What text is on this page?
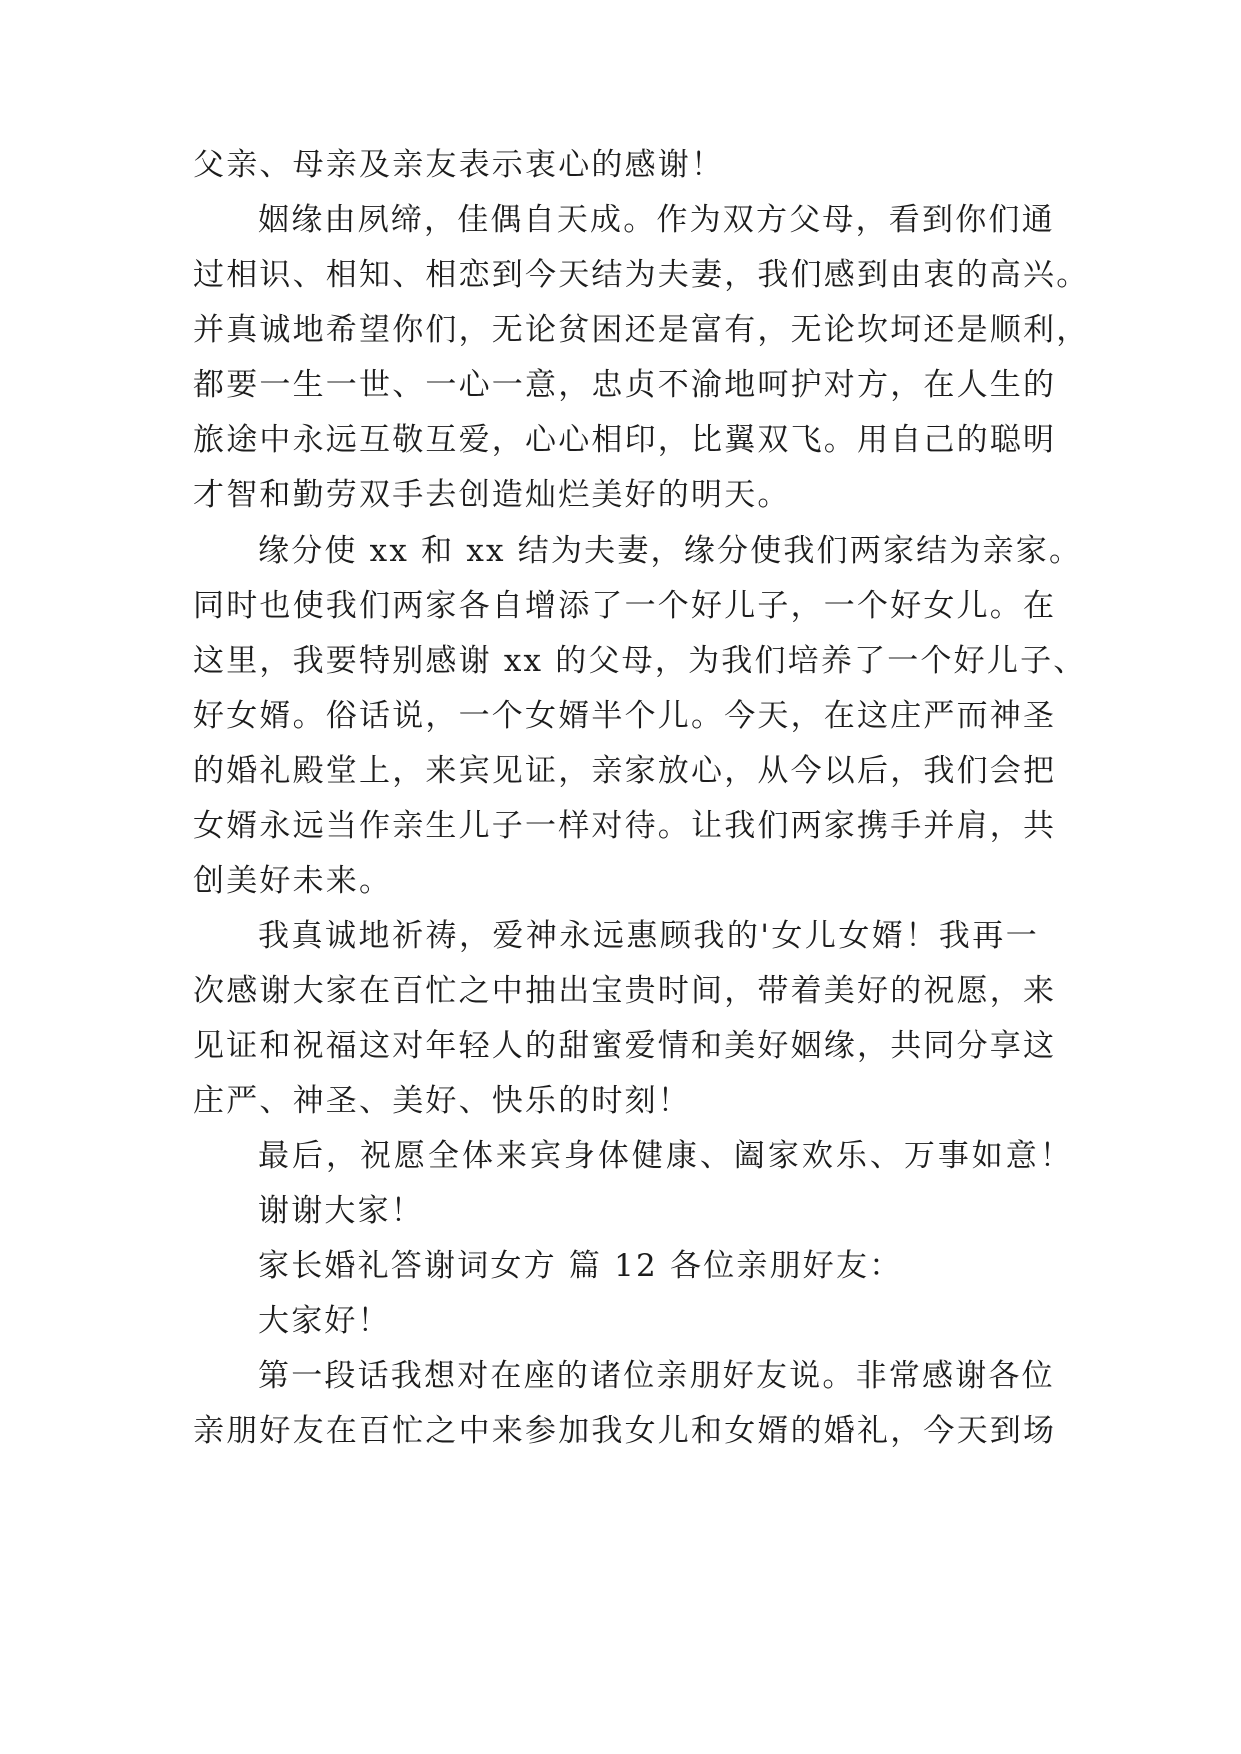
父亲、母亲及亲友表示衷心的感谢！
姻缘由夙缔，佳偶自天成。作为双方父母，看到你们通
过相识、相知、相恋到今天结为夫妻，我们感到由衷的高兴。
并真诚地希望你们，无论贫困还是富有，无论坎坷还是顺利，
都要一生一世、一心一意，忠贞不渝地呵护对方，在人生的
旅途中永远互敬互爱，心心相印，比翼双飞。用自己的聪明
才智和勤劳双手去创造灿烂美好的明天。
缘分使 xx 和 xx 结为夫妻，缘分使我们两家结为亲家。
同时也使我们两家各自增添了一个好儿子，一个好女儿。在
这里，我要特别感谢 xx 的父母，为我们培养了一个好儿子、
好女婿。俗话说，一个女婿半个儿。今天，在这庄严而神圣
的婚礼殿堂上，来宾见证，亲家放心，从今以后，我们会把
女婿永远当作亲生儿子一样对待。让我们两家携手并肩，共
创美好未来。
我真诚地祈祷，爱神永远惠顾我的'女儿女婿！我再一
次感谢大家在百忙之中抽出宝贵时间，带着美好的祝愿，来
见证和祝福这对年轻人的甜蜜爱情和美好姻缘，共同分享这
庄严、神圣、美好、快乐的时刻！
最后，祝愿全体来宾身体健康、阖家欢乐、万事如意！
谢谢大家！
家长婚礼答谢词女方 篇 12 各位亲朋好友：
大家好！
第一段话我想对在座的诸位亲朋好友说。非常感谢各位
亲朋好友在百忙之中来参加我女儿和女婿的婚礼，今天到场
